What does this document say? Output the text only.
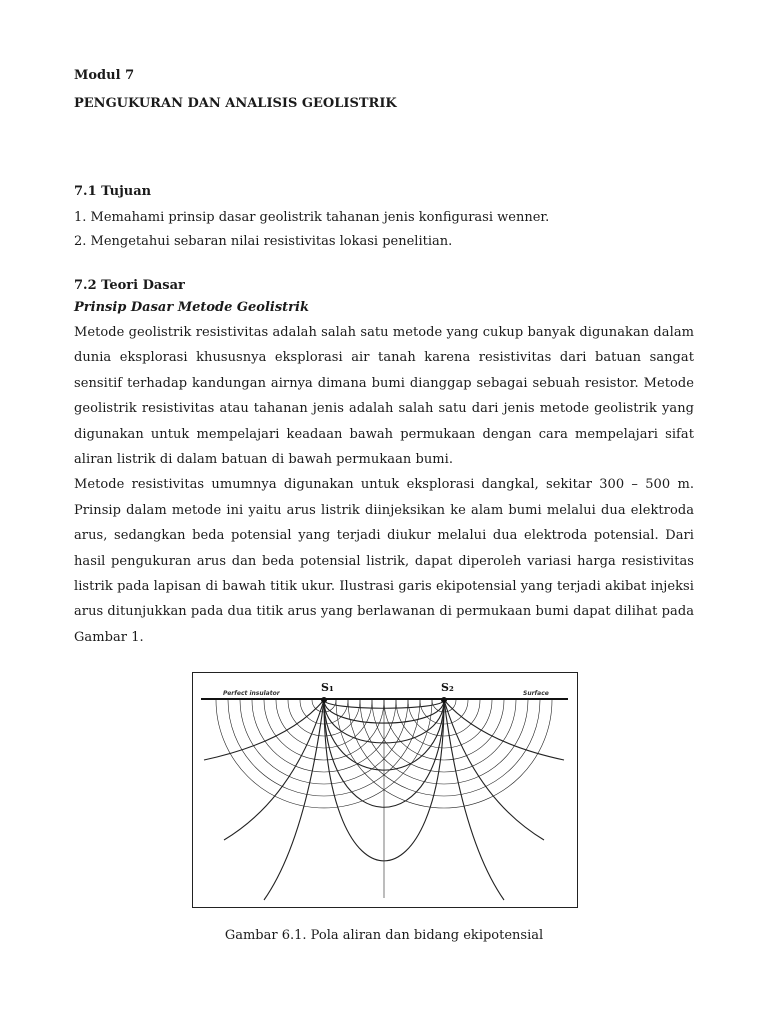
Modul 7
PENGUKURAN DAN ANALISIS GEOLISTRIK
7.1 Tujuan
1. Memahami prinsip dasar geolistrik tahanan jenis konfigurasi wenner.
2. Mengetahui sebaran nilai resistivitas lokasi penelitian.
7.2 Teori Dasar
Prinsip Dasar Metode Geolistrik
Metode geolistrik resistivitas adalah salah satu metode yang cukup banyak digunakan dalam dunia eksplorasi khususnya eksplorasi air tanah karena resistivitas dari batuan sangat sensitif terhadap kandungan airnya dimana bumi dianggap sebagai sebuah resistor. Metode geolistrik resistivitas atau tahanan jenis adalah salah satu dari jenis metode geolistrik yang digunakan untuk mempelajari keadaan bawah permukaan dengan cara mempelajari sifat aliran listrik di dalam batuan di bawah permukaan bumi.
Metode resistivitas umumnya digunakan untuk eksplorasi dangkal, sekitar 300 – 500 m. Prinsip dalam metode ini yaitu arus listrik diinjeksikan ke alam bumi melalui dua elektroda arus, sedangkan beda potensial yang terjadi diukur melalui dua elektroda potensial. Dari hasil pengukuran arus dan beda potensial listrik, dapat diperoleh variasi harga resistivitas listrik pada lapisan di bawah titik ukur. Ilustrasi garis ekipotensial yang terjadi akibat injeksi arus ditunjukkan pada dua titik arus yang berlawanan di permukaan bumi dapat dilihat pada Gambar 1.
Perfect insulator	Surface
S₁	S₂
Gambar 6.1. Pola aliran dan bidang ekipotensial
